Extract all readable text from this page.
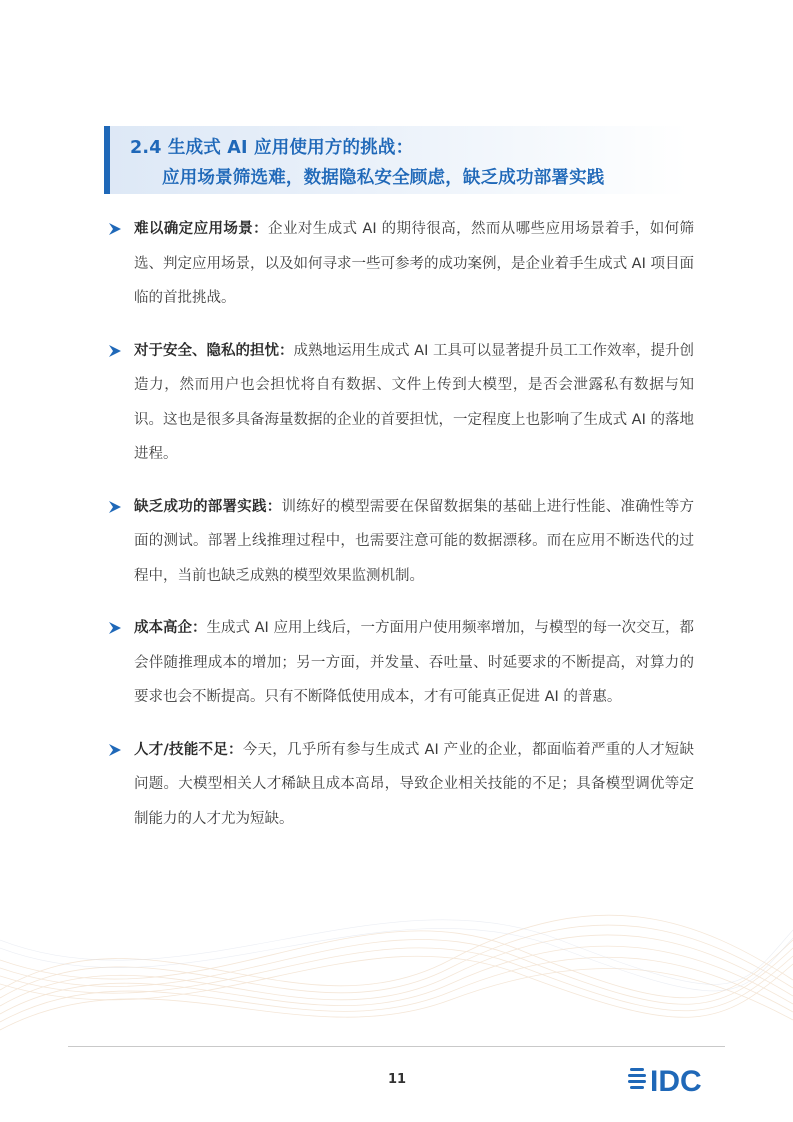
2.4 生成式 AI 应用使用方的挑战：
应用场景筛选难，数据隐私安全顾虑，缺乏成功部署实践
难以确定应用场景：企业对生成式 AI 的期待很高，然而从哪些应用场景着手，如何筛选、判定应用场景，以及如何寻求一些可参考的成功案例，是企业着手生成式 AI 项目面临的首批挑战。
对于安全、隐私的担忧：成熟地运用生成式 AI 工具可以显著提升员工工作效率，提升创造力，然而用户也会担忧将自有数据、文件上传到大模型，是否会泄露私有数据与知识。这也是很多具备海量数据的企业的首要担忧，一定程度上也影响了生成式 AI 的落地进程。
缺乏成功的部署实践：训练好的模型需要在保留数据集的基础上进行性能、准确性等方面的测试。部署上线推理过程中，也需要注意可能的数据漂移。而在应用不断迭代的过程中，当前也缺乏成熟的模型效果监测机制。
成本高企：生成式 AI 应用上线后，一方面用户使用频率增加，与模型的每一次交互，都会伴随推理成本的增加；另一方面，并发量、吞吐量、时延要求的不断提高，对算力的要求也会不断提高。只有不断降低使用成本，才有可能真正促进 AI 的普惠。
人才/技能不足：今天，几乎所有参与生成式 AI 产业的企业，都面临着严重的人才短缺问题。大模型相关人才稀缺且成本高昂，导致企业相关技能的不足；具备模型调优等定制能力的人才尤为短缺。
11	IDC
